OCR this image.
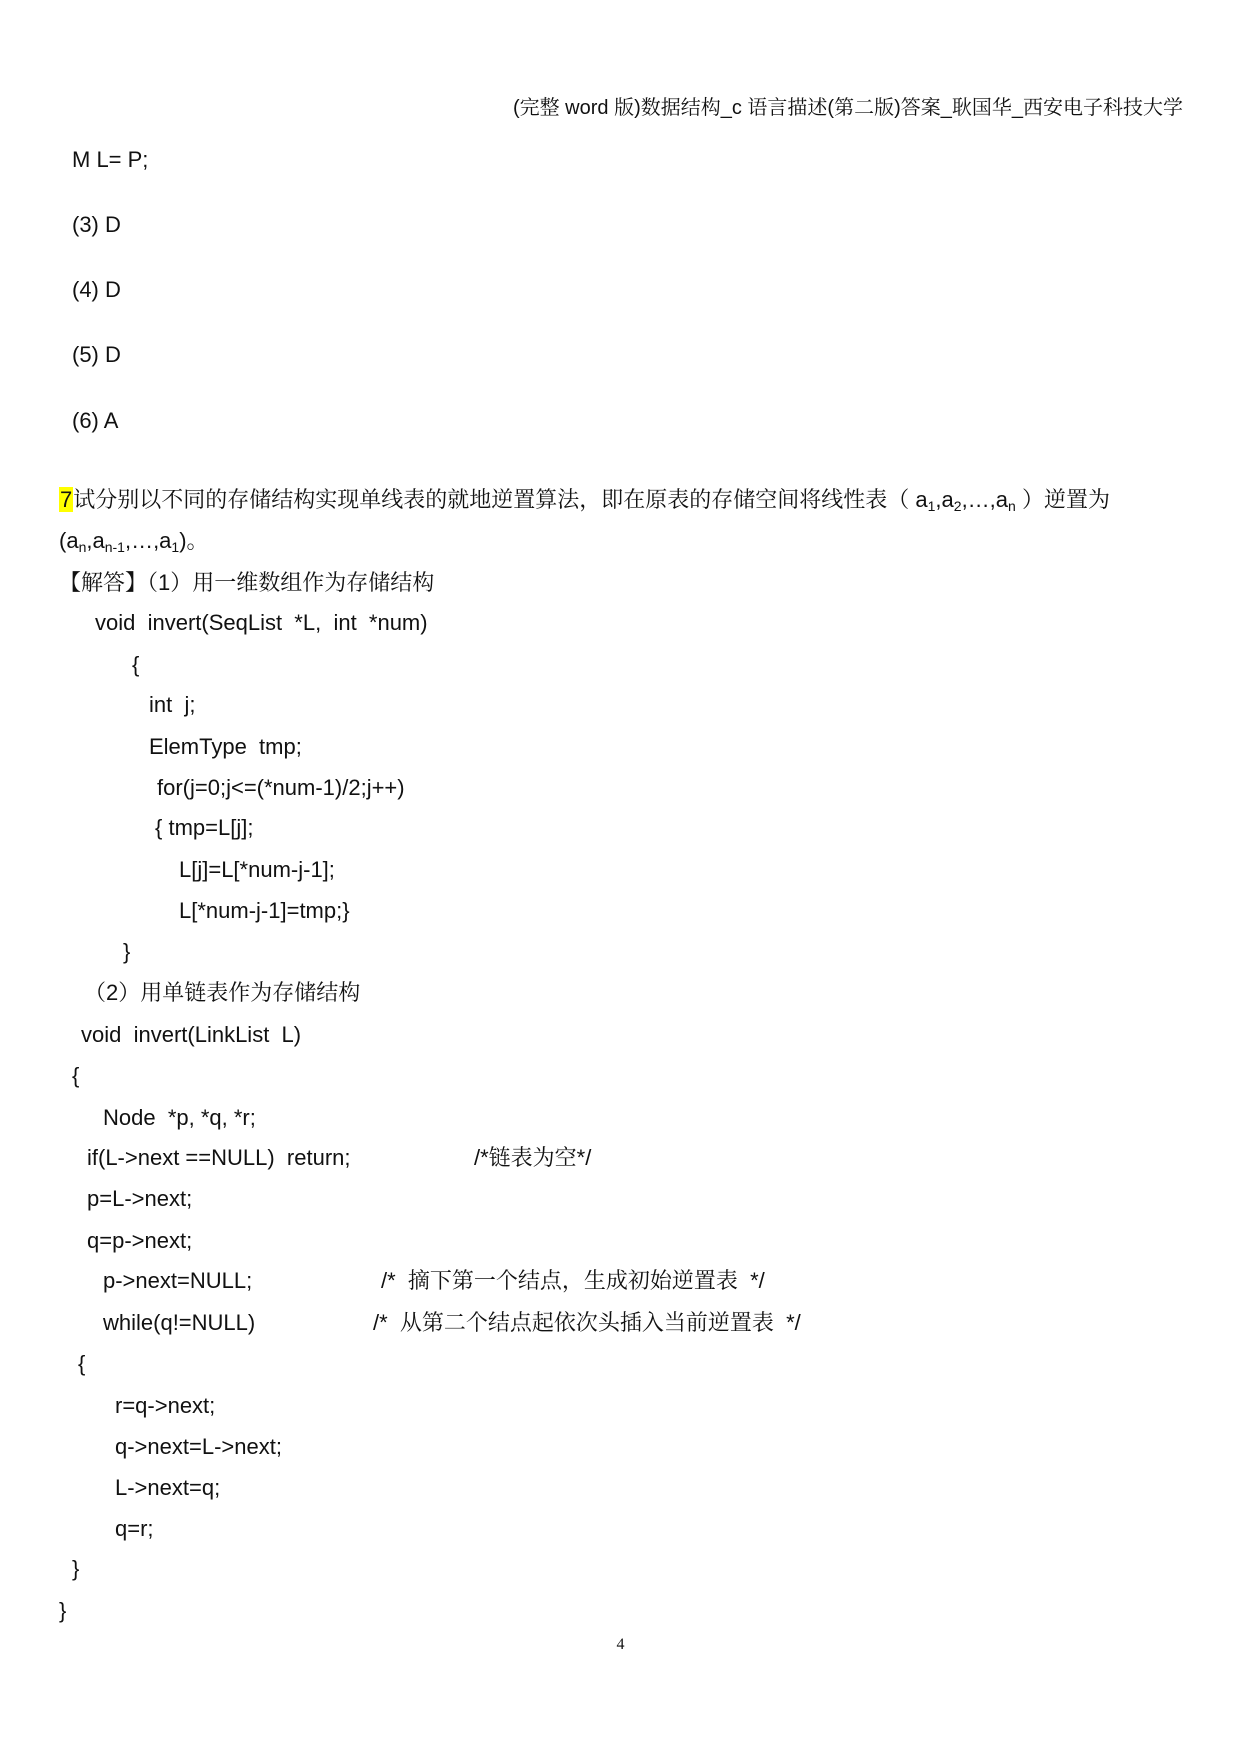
(完整 word 版)数据结构_c 语言描述(第二版)答案_耿国华_西安电子科技大学
M L= P;
(3) D
(4) D
(5) D
(6) A
7试分别以不同的存储结构实现单线表的就地逆置算法，即在原表的存储空间将线性表（ a1,a2,…,an ）逆置为
(an,an-1,…,a1)。
【解答】（1）用一维数组作为存储结构
void  invert(SeqList  *L,  int  *num)
{
int  j;
ElemType  tmp;
for(j=0;j<=(*num-1)/2;j++)
{ tmp=L[j];
L[j]=L[*num-j-1];
L[*num-j-1]=tmp;}
}
（2）用单链表作为存储结构
void  invert(LinkList  L)
{
Node  *p, *q, *r;
if(L->next ==NULL)  return;	/*链表为空*/
p=L->next;
q=p->next;
p->next=NULL;	/*  摘下第一个结点，生成初始逆置表  */
while(q!=NULL)	/*  从第二个结点起依次头插入当前逆置表  */
{
r=q->next;
q->next=L->next;
L->next=q;
q=r;
}
}
4
